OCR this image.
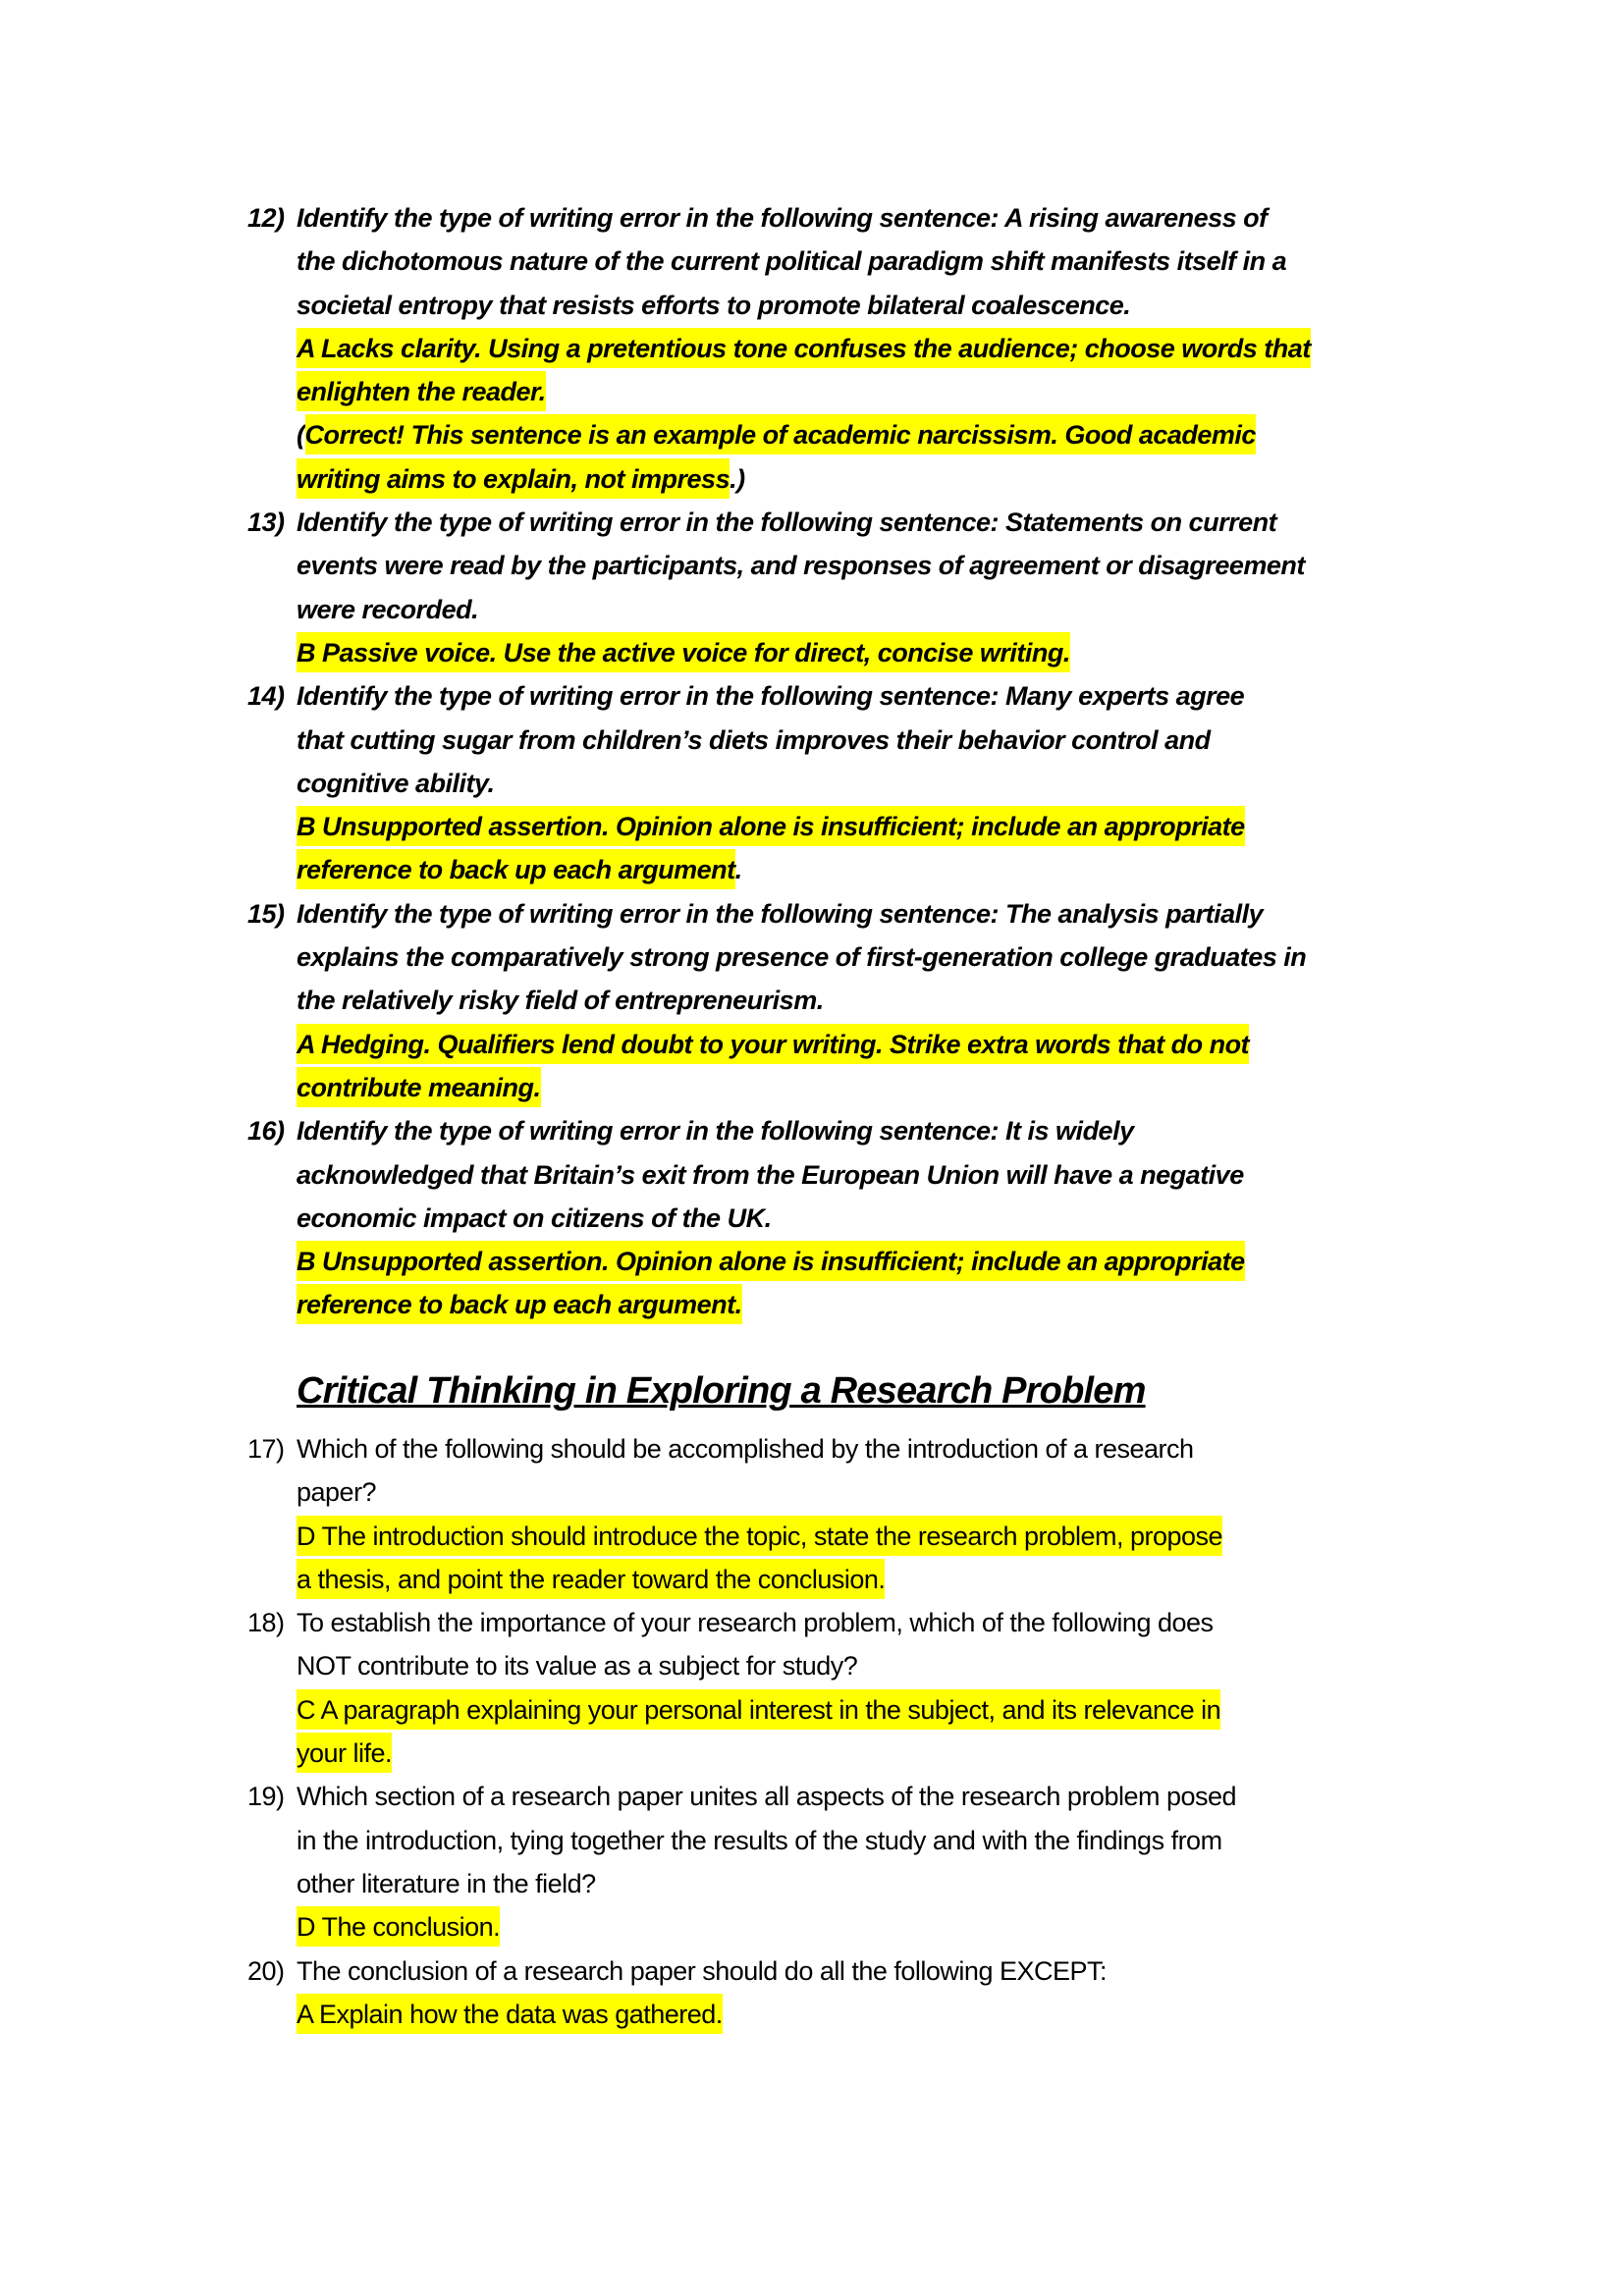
12) Identify the type of writing error in the following sentence: A rising awareness of
the dichotomous nature of the current political paradigm shift manifests itself in a
societal entropy that resists efforts to promote bilateral coalescence.
A Lacks clarity. Using a pretentious tone confuses the audience; choose words that
enlighten the reader.
(Correct! This sentence is an example of academic narcissism. Good academic
writing aims to explain, not impress.)
13) Identify the type of writing error in the following sentence: Statements on current
events were read by the participants, and responses of agreement or disagreement
were recorded.
B Passive voice. Use the active voice for direct, concise writing.
14) Identify the type of writing error in the following sentence: Many experts agree
that cutting sugar from children’s diets improves their behavior control and
cognitive ability.
B Unsupported assertion. Opinion alone is insufficient; include an appropriate
reference to back up each argument.
15) Identify the type of writing error in the following sentence: The analysis partially
explains the comparatively strong presence of first-generation college graduates in
the relatively risky field of entrepreneurism.
A Hedging. Qualifiers lend doubt to your writing. Strike extra words that do not
contribute meaning.
16) Identify the type of writing error in the following sentence: It is widely
acknowledged that Britain’s exit from the European Union will have a negative
economic impact on citizens of the UK.
B Unsupported assertion. Opinion alone is insufficient; include an appropriate
reference to back up each argument.
Critical Thinking in Exploring a Research Problem
17) Which of the following should be accomplished by the introduction of a research
paper?
D The introduction should introduce the topic, state the research problem, propose
a thesis, and point the reader toward the conclusion.
18) To establish the importance of your research problem, which of the following does
NOT contribute to its value as a subject for study?
C A paragraph explaining your personal interest in the subject, and its relevance in
your life.
19) Which section of a research paper unites all aspects of the research problem posed
in the introduction, tying together the results of the study and with the findings from
other literature in the field?
D The conclusion.
20) The conclusion of a research paper should do all the following EXCEPT:
A Explain how the data was gathered.
